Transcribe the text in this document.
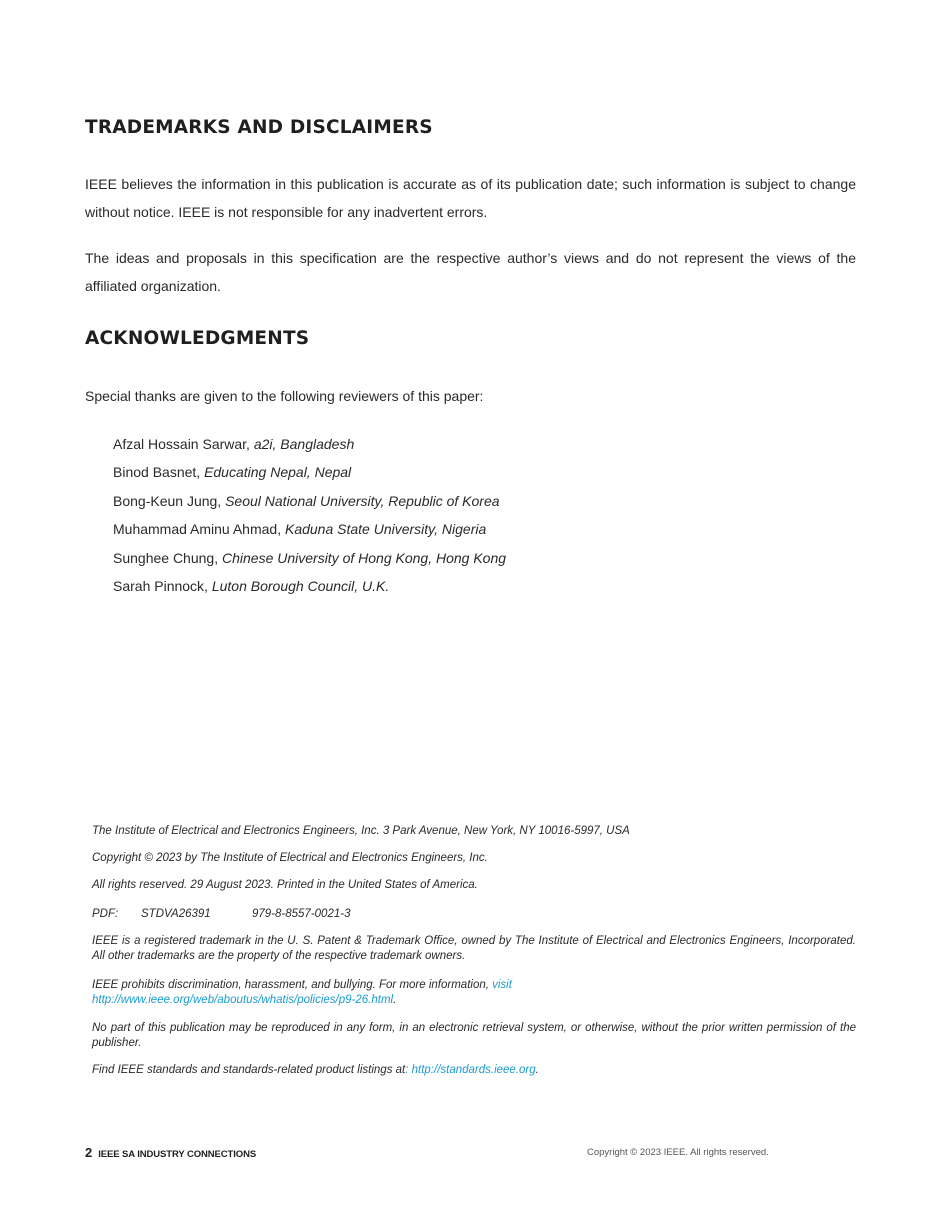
TRADEMARKS AND DISCLAIMERS

IEEE believes the information in this publication is accurate as of its publication date; such information is subject to change without notice. IEEE is not responsible for any inadvertent errors.

The ideas and proposals in this specification are the respective author’s views and do not represent the views of the affiliated organization.

ACKNOWLEDGMENTS

Special thanks are given to the following reviewers of this paper:

Afzal Hossain Sarwar, a2i, Bangladesh
Binod Basnet, Educating Nepal, Nepal
Bong-Keun Jung, Seoul National University, Republic of Korea
Muhammad Aminu Ahmad, Kaduna State University, Nigeria
Sunghee Chung, Chinese University of Hong Kong, Hong Kong
Sarah Pinnock, Luton Borough Council, U.K.

The Institute of Electrical and Electronics Engineers, Inc. 3 Park Avenue, New York, NY 10016-5997, USA

Copyright © 2023 by The Institute of Electrical and Electronics Engineers, Inc.

All rights reserved. 29 August 2023. Printed in the United States of America.

PDF: STDVA26391	979-8-8557-0021-3

IEEE is a registered trademark in the U. S. Patent & Trademark Office, owned by The Institute of Electrical and Electronics Engineers, Incorporated. All other trademarks are the property of the respective trademark owners.

IEEE prohibits discrimination, harassment, and bullying. For more information, visit
http://www.ieee.org/web/aboutus/whatis/policies/p9-26.html.

No part of this publication may be reproduced in any form, in an electronic retrieval system, or otherwise, without the prior written permission of the publisher.

Find IEEE standards and standards-related product listings at: http://standards.ieee.org.

2 IEEE SA INDUSTRY CONNECTIONS	Copyright © 2023 IEEE. All rights reserved.
